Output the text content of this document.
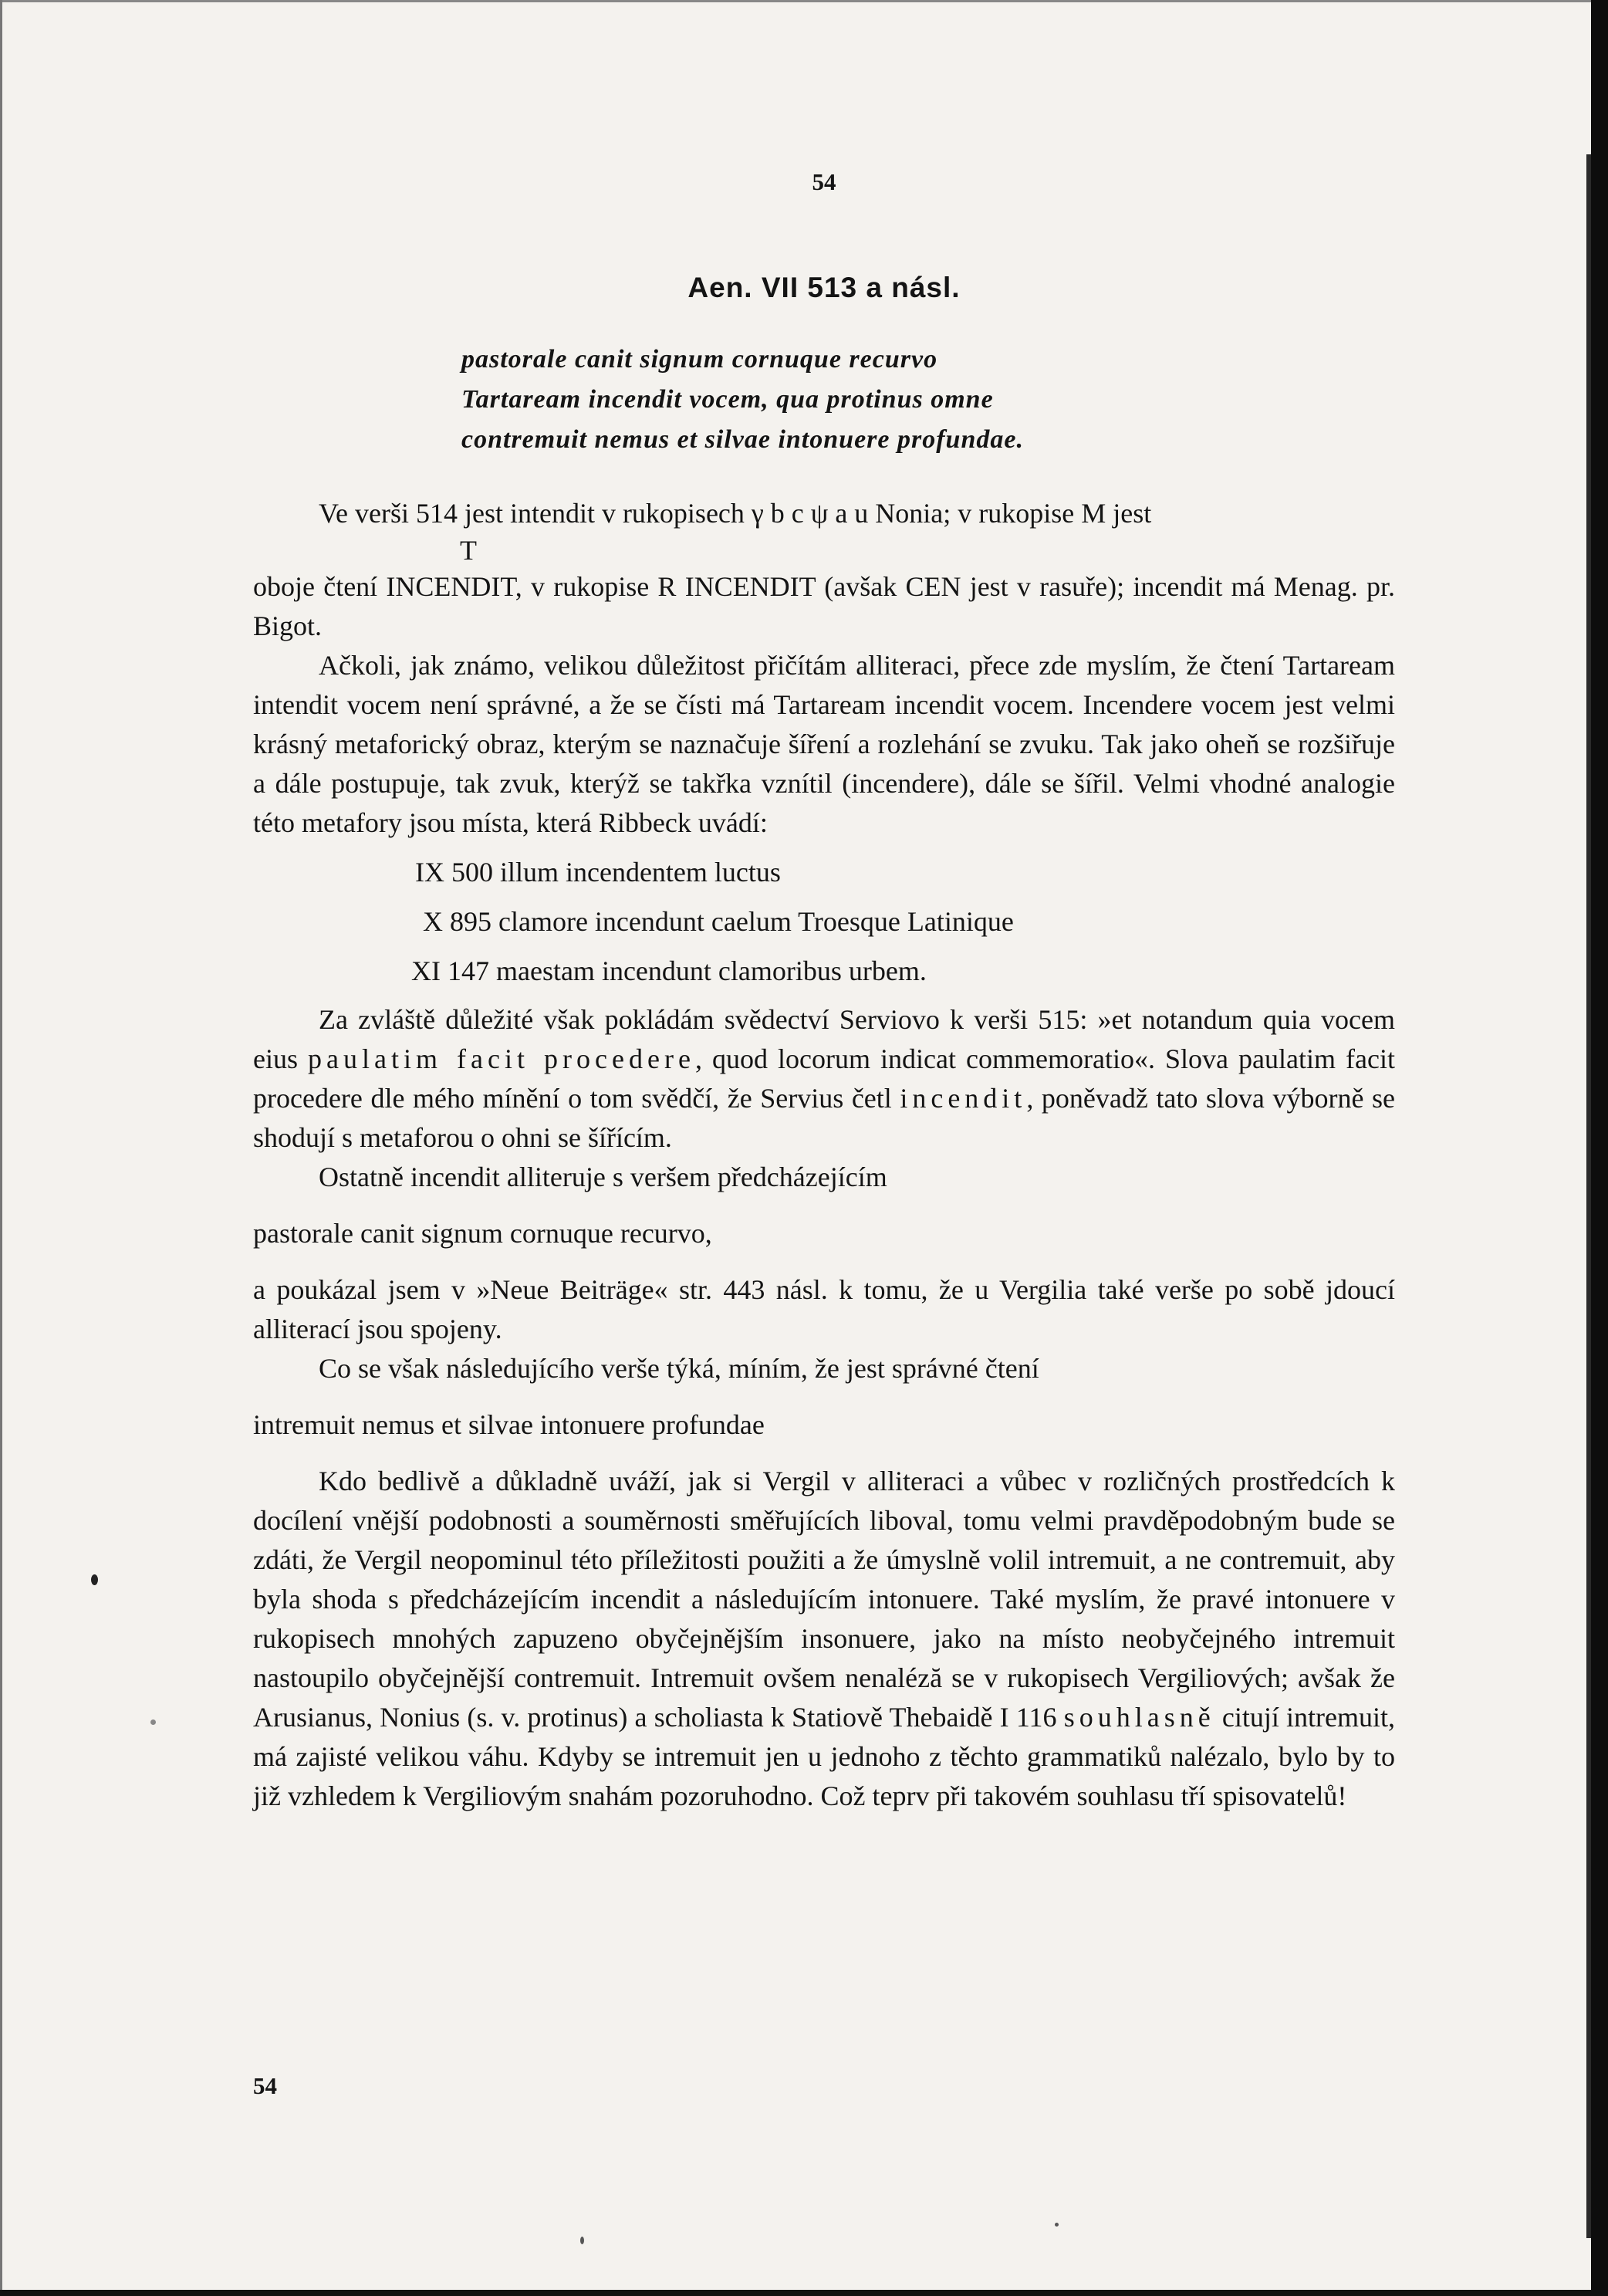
54
Aen. VII 513 a násl.
pastorale canit signum cornuque recurvo
Tartaream incendit vocem, qua protinus omne
contremuit nemus et silvae intonuere profundae.

Ve verši 514 jest intendit v rukopisech γ b c ψ a u Nonia; v rukopise M jest

T

oboje čtení INCENDIT, v rukopise R INCENDIT (avšak CEN jest v rasuře); incendit má Menag. pr. Bigot.

Ačkoli, jak známo, velikou důležitost přičítám alliteraci, přece zde myslím, že čtení Tartaream intendit vocem není správné, a že se čísti má Tartaream incendit vocem. Incendere vocem jest velmi krásný metaforický obraz, kterým se naznačuje šíření a rozlehání se zvuku. Tak jako oheň se rozšiřuje a dále postupuje, tak zvuk, kterýž se takřka vznítil (incendere), dále se šířil. Velmi vhodné analogie této metafory jsou místa, která Ribbeck uvádí:

IX 500 illum incendentem luctus
X 895 clamore incendunt caelum Troesque Latinique
XI 147 maestam incendunt clamoribus urbem.

Za zvláště důležité však pokládám svědectví Serviovo k verši 515: »et notandum quia vocem eius paulatim facit procedere, quod locorum indicat commemoratio«. Slova paulatim facit procedere dle mého mínění o tom svědčí, že Servius četl incendit, poněvadž tato slova výborně se shodují s metaforou o ohni se šířícím.

Ostatně incendit alliteruje s veršem předcházejícím

pastorale canit signum cornuque recurvo,

a poukázal jsem v »Neue Beiträge« str. 443 násl. k tomu, že u Vergilia také verše po sobě jdoucí alliterací jsou spojeny.

Co se však následujícího verše týká, míním, že jest správné čtení

intremuit nemus et silvae intonuere profundae

Kdo bedlivě a důkladně uváží, jak si Vergil v alliteraci a vůbec v rozličných prostředcích k docílení vnější podobnosti a souměrnosti směřujících liboval, tomu velmi pravděpodobným bude se zdáti, že Vergil neopominul této příležitosti použiti a že úmyslně volil intremuit, a ne contremuit, aby byla shoda s předcházejícím incendit a následujícím intonuere. Také myslím, že pravé intonuere v rukopisech mnohých zapuzeno obyčejnějším insonuere, jako na místo neobyčejného intremuit nastoupilo obyčejnější contremuit. Intremuit ovšem nenaléză se v rukopisech Vergiliových; avšak že Arusianus, Nonius (s. v. protinus) a scholiasta k Statiově Thebaidě I 116 souhlasně citují intremuit, má zajisté velikou váhu. Kdyby se intremuit jen u jednoho z těchto grammatiků nalézalo, bylo by to již vzhledem k Vergiliovým snahám pozoruhodno. Což teprv při takovém souhlasu tří spisovatelů!

54
